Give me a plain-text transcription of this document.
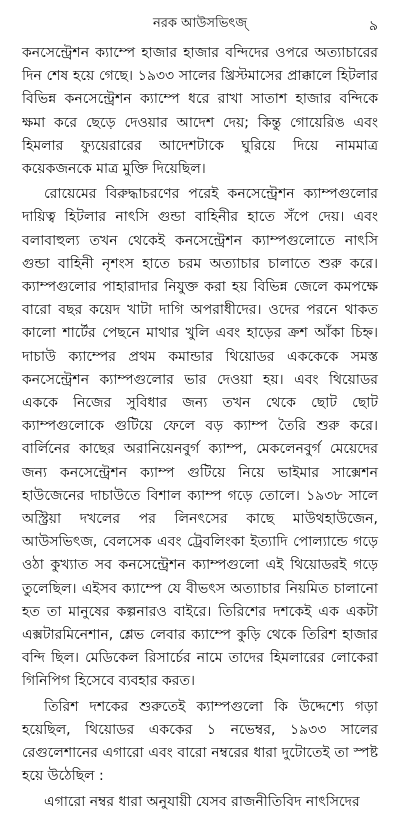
নরক আউসভিৎজ্	৯

কনসেন্ট্রেশন ক্যাম্পে হাজার হাজার বন্দিদের ওপরে অত্যাচারের দিন শেষ হয়ে গেছে। ১৯৩৩ সালের খ্রিস্টমাসের প্রাক্কালে হিটলার বিভিন্ন কনসেন্ট্রেশন ক্যাম্পে ধরে রাখা সাতাশ হাজার বন্দিকে ক্ষমা করে ছেড়ে দেওয়ার আদেশ দেয়; কিন্তু গোয়েরিঙ এবং হিমলার ফ্যুয়েরারের আদেশটাকে ঘুরিয়ে দিয়ে নামমাত্র কয়েকজনকে মাত্র মুক্তি দিয়েছিল।

রোয়েমের বিরুদ্ধাচরণের পরেই কনসেন্ট্রেশন ক্যাম্পগুলোর দায়িত্ব হিটলার নাৎসি গুন্ডা বাহিনীর হাতে সঁপে দেয়। এবং বলাবাহুল্য তখন থেকেই কনসেন্ট্রেশন ক্যাম্পগুলোতে নাৎসি গুন্ডা বাহিনী নৃশংস হাতে চরম অত্যাচার চালাতে শুরু করে। ক্যাম্পগুলোর পাহারাদার নিযুক্ত করা হয় বিভিন্ন জেলে কমপক্ষে বারো বছর কয়েদ খাটা দাগি অপরাধীদের। ওদের পরনে থাকত কালো শার্টের পেছনে মাথার খুলি এবং হাড়ের ক্রশ আঁকা চিহ্ন। দাচাউ ক্যাম্পের প্রথম কমান্ডার থিয়োডর এককেকে সমস্ত কনসেন্ট্রেশন ক্যাম্পগুলোর ভার দেওয়া হয়। এবং থিয়োডর এককে নিজের সুবিধার জন্য তখন থেকে ছোট ছোট ক্যাম্পগুলোকে গুটিয়ে ফেলে বড় ক্যাম্প তৈরি শুরু করে। বার্লিনের কাছের অরানিয়েনবুর্গ ক্যাম্প, মেকলেনবুর্গ মেয়েদের জন্য কনসেন্ট্রেশন ক্যাম্প গুটিয়ে নিয়ে ভাইমার সাক্সেশন হাউজেনের দাচাউতে বিশাল ক্যাম্প গড়ে তোলে। ১৯৩৮ সালে অস্ট্রিয়া দখলের পর লিনৎসের কাছে মাউথহাউজেন, আউসভিৎজ, বেলসেক এবং ট্রেবলিংকা ইত্যাদি পোল্যান্ডে গড়ে ওঠা কুখ্যাত সব কনসেন্ট্রেশন ক্যাম্পগুলো এই থিয়োডরই গড়ে তুলেছিল। এইসব ক্যাম্পে যে বীভৎস অত্যাচার নিয়মিত চালানো হত তা মানুষের কল্পনারও বাইরে। তিরিশের দশকেই এক একটা এক্সটারমিনেশান, শ্লেভ লেবার ক্যাম্পে কুড়ি থেকে তিরিশ হাজার বন্দি ছিল। মেডিকেল রিসার্চের নামে তাদের হিমলারের লোকেরা গিনিপিগ হিসেবে ব্যবহার করত।

তিরিশ দশকের শুরুতেই ক্যাম্পগুলো কি উদ্দেশ্যে গড়া হয়েছিল, থিয়োডর এককের ১ নভেম্বর, ১৯৩৩ সালের রেগুলেশানের এগারো এবং বারো নম্বরের ধারা দুটোতেই তা স্পষ্ট হয়ে উঠেছিল :

এগারো নম্বর ধারা অনুযায়ী যেসব রাজনীতিবিদ নাৎসিদের
